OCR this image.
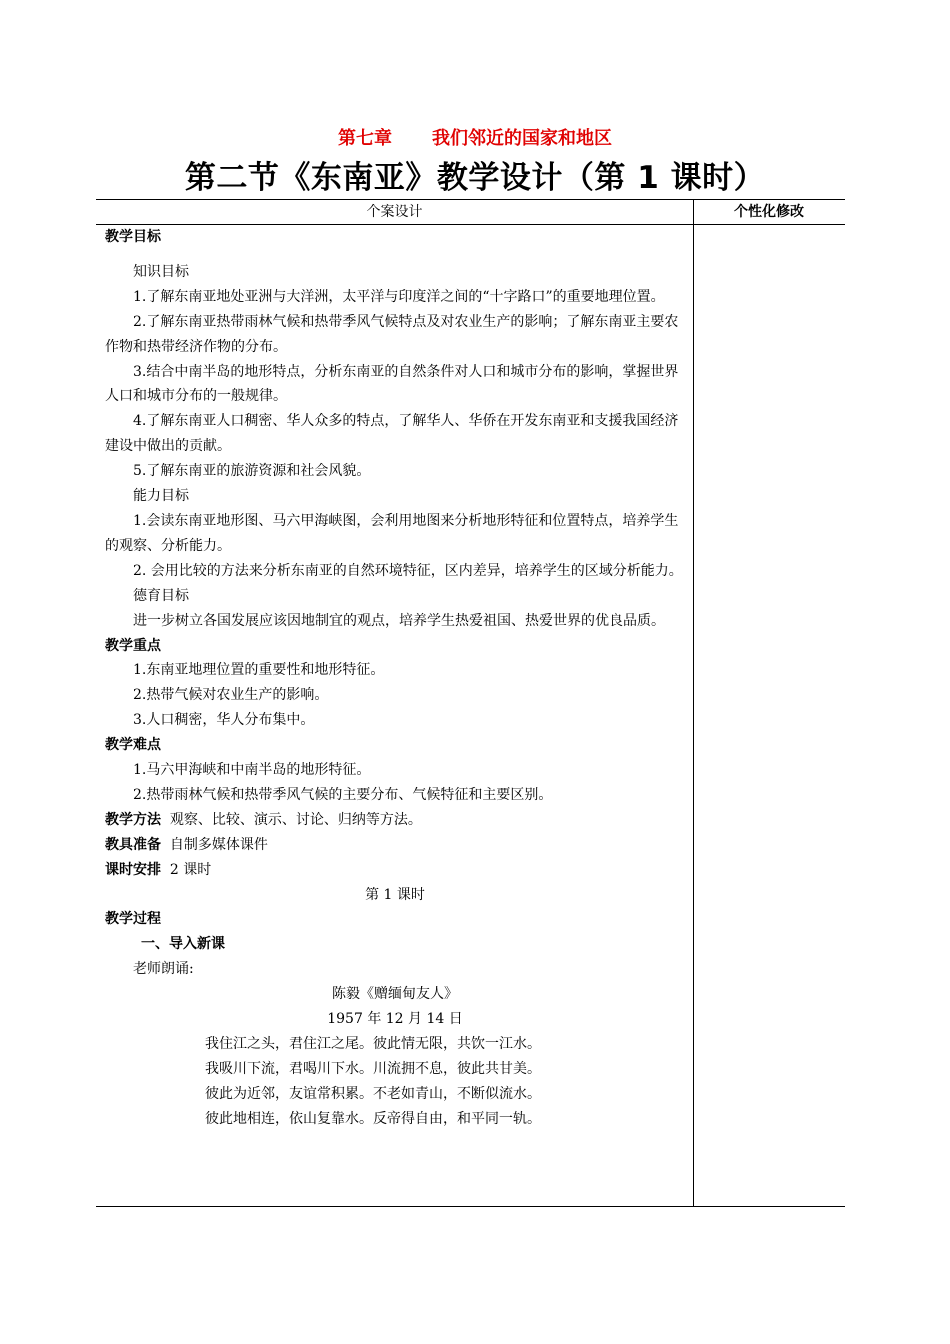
第七章 我们邻近的国家和地区
第二节《东南亚》教学设计（第 1 课时）
个案设计	个性化修改

教学目标

知识目标

1.了解东南亚地处亚洲与大洋洲，太平洋与印度洋之间的“十字路口”的重要地理位置。

2.了解东南亚热带雨林气候和热带季风气候特点及对农业生产的影响；了解东南亚主要农作物和热带经济作物的分布。

3.结合中南半岛的地形特点，分析东南亚的自然条件对人口和城市分布的影响，掌握世界人口和城市分布的一般规律。

4.了解东南亚人口稠密、华人众多的特点，了解华人、华侨在开发东南亚和支援我国经济建设中做出的贡献。

5.了解东南亚的旅游资源和社会风貌。

能力目标

1.会读东南亚地形图、马六甲海峡图，会利用地图来分析地形特征和位置特点，培养学生的观察、分析能力。

2. 会用比较的方法来分析东南亚的自然环境特征，区内差异，培养学生的区域分析能力。

德育目标

进一步树立各国发展应该因地制宜的观点，培养学生热爱祖国、热爱世界的优良品质。

教学重点

1.东南亚地理位置的重要性和地形特征。

2.热带气候对农业生产的影响。

3.人口稠密，华人分布集中。

教学难点

1.马六甲海峡和中南半岛的地形特征。

2.热带雨林气候和热带季风气候的主要分布、气候特征和主要区别。

教学方法 观察、比较、演示、讨论、归纳等方法。

教具准备 自制多媒体课件

课时安排 2 课时

第 1 课时

教学过程

一、导入新课

老师朗诵:

陈毅《赠缅甸友人》

1957 年 12 月 14 日

我住江之头，君住江之尾。彼此情无限，共饮一江水。

我吸川下流，君喝川下水。川流拥不息，彼此共甘美。

彼此为近邻，友谊常积累。不老如青山，不断似流水。

彼此地相连，依山复靠水。反帝得自由，和平同一轨。
